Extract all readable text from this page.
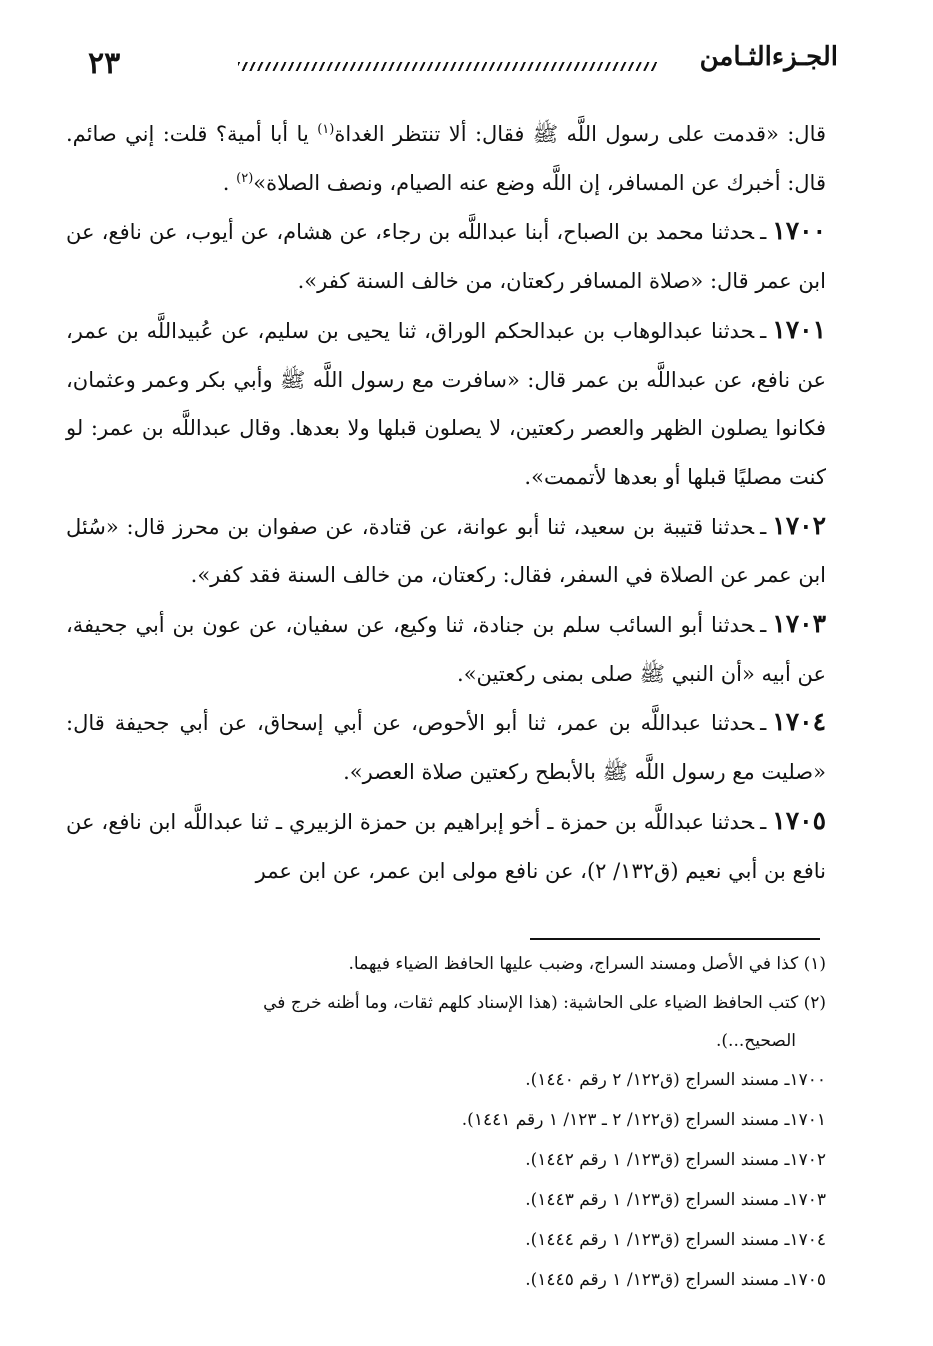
٢٣	الجـزءالثـامن

قال: «قدمت على رسول اللَّه ﷺ فقال: ألا تنتظر الغداة$^{(١)}$ يا أبا أمية؟ قلت: إني صائم. قال: أخبرك عن المسافر، إن اللَّه وضع عنه الصيام، ونصف الصلاة»$^{(٢)}$ .

١٧٠٠ـحدثنا محمد بن الصباح، أبنا عبداللَّه بن رجاء، عن هشام، عن أيوب، عن نافع، عن ابن عمر قال: «صلاة المسافر ركعتان، من خالف السنة كفر».

١٧٠١ـحدثنا عبدالوهاب بن عبدالحكم الوراق، ثنا يحيى بن سليم، عن عُبيداللَّه بن عمر، عن نافع، عن عبداللَّه بن عمر قال: «سافرت مع رسول اللَّه ﷺ وأبي بكر وعمر وعثمان، فكانوا يصلون الظهر والعصر ركعتين، لا يصلون قبلها ولا بعدها. وقال عبداللَّه بن عمر: لو كنت مصليًا قبلها أو بعدها لأتممت».

١٧٠٢ـحدثنا قتيبة بن سعيد، ثنا أبو عوانة، عن قتادة، عن صفوان بن محرز قال: «سُئل ابن عمر عن الصلاة في السفر، فقال: ركعتان، من خالف السنة فقد كفر».

١٧٠٣ـحدثنا أبو السائب سلم بن جنادة، ثنا وكيع، عن سفيان، عن عون بن أبي جحيفة، عن أبيه «أن النبي ﷺ صلى بمنى ركعتين».

١٧٠٤ـحدثنا عبداللَّه بن عمر، ثنا أبو الأحوص، عن أبي إسحاق، عن أبي جحيفة قال: «صليت مع رسول اللَّه ﷺ بالأبطح ركعتين صلاة العصر».

١٧٠٥ـحدثنا عبداللَّه بن حمزة ـ أخو إبراهيم بن حمزة الزبيري ـ ثنا عبداللَّه ابن نافع، عن نافع بن أبي نعيم (ق١٣٢/ ٢)، عن نافع مولى ابن عمر، عن ابن عمر

(١) كذا في الأصل ومسند السراج، وضبب عليها الحافظ الضياء فيهما.

(٢) كتب الحافظ الضياء على الحاشية: (هذا الإسناد كلهم ثقات، وما أظنه خرج في
الصحيح...).

١٧٠٠ـ مسند السراج (ق١٢٢/ ٢ رقم ١٤٤٠).

١٧٠١ـ مسند السراج (ق١٢٢/ ٢ ـ ١٢٣/ ١ رقم ١٤٤١).

١٧٠٢ـ مسند السراج (ق١٢٣/ ١ رقم ١٤٤٢).

١٧٠٣ـ مسند السراج (ق١٢٣/ ١ رقم ١٤٤٣).

١٧٠٤ـ مسند السراج (ق١٢٣/ ١ رقم ١٤٤٤).

١٧٠٥ـ مسند السراج (ق١٢٣/ ١ رقم ١٤٤٥).
